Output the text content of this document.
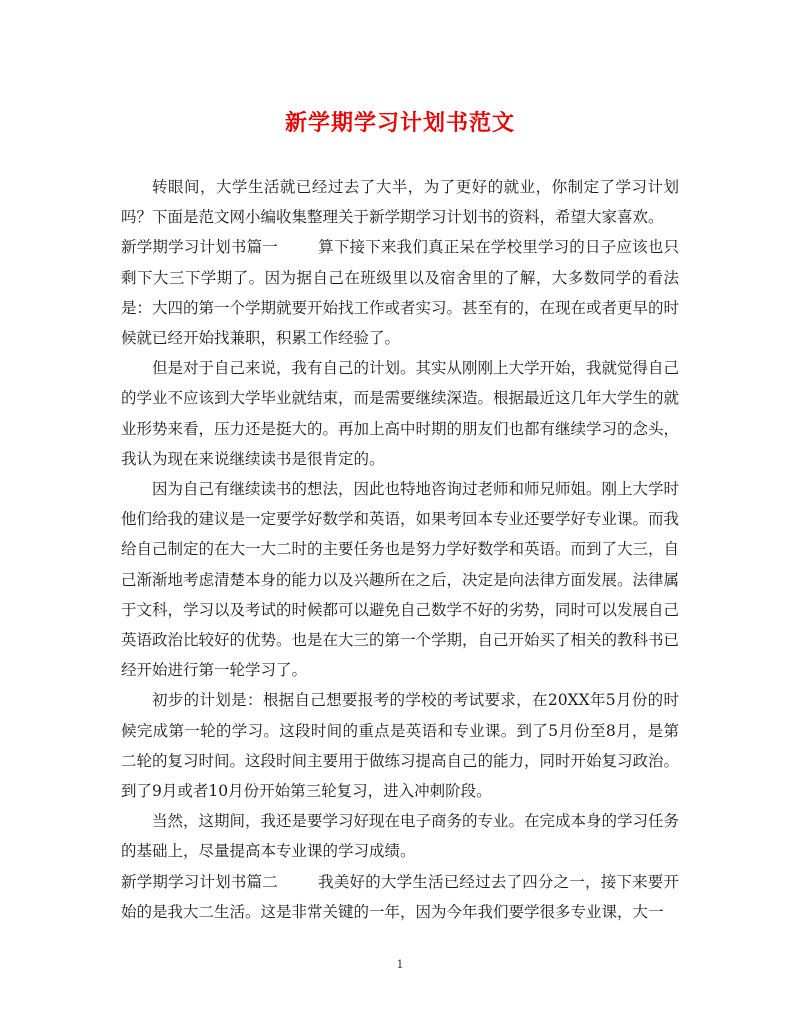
新学期学习计划书范文

转眼间，大学生活就已经过去了大半，为了更好的就业，你制定了学习计划吗？下面是范文网小编收集整理关于新学期学习计划书的资料，希望大家喜欢。

新学期学习计划书篇一	算下接下来我们真正呆在学校里学习的日子应该也只剩下大三下学期了。因为据自己在班级里以及宿舍里的了解，大多数同学的看法是：大四的第一个学期就要开始找工作或者实习。甚至有的，在现在或者更早的时候就已经开始找兼职，积累工作经验了。

但是对于自己来说，我有自己的计划。其实从刚刚上大学开始，我就觉得自己的学业不应该到大学毕业就结束，而是需要继续深造。根据最近这几年大学生的就业形势来看，压力还是挺大的。再加上高中时期的朋友们也都有继续学习的念头，我认为现在来说继续读书是很肯定的。

因为自己有继续读书的想法，因此也特地咨询过老师和师兄师姐。刚上大学时他们给我的建议是一定要学好数学和英语，如果考回本专业还要学好专业课。而我给自己制定的在大一大二时的主要任务也是努力学好数学和英语。而到了大三，自己渐渐地考虑清楚本身的能力以及兴趣所在之后，决定是向法律方面发展。法律属于文科，学习以及考试的时候都可以避免自己数学不好的劣势，同时可以发展自己英语政治比较好的优势。也是在大三的第一个学期，自己开始买了相关的教科书已经开始进行第一轮学习了。

初步的计划是：根据自己想要报考的学校的考试要求，在20XX年5月份的时候完成第一轮的学习。这段时间的重点是英语和专业课。到了5月份至8月，是第二轮的复习时间。这段时间主要用于做练习提高自己的能力，同时开始复习政治。到了9月或者10月份开始第三轮复习，进入冲刺阶段。

当然，这期间，我还是要学习好现在电子商务的专业。在完成本身的学习任务的基础上，尽量提高本专业课的学习成绩。

新学期学习计划书篇二	我美好的大学生活已经过去了四分之一，接下来要开始的是我大二生活。这是非常关键的一年，因为今年我们要学很多专业课，大一

1
